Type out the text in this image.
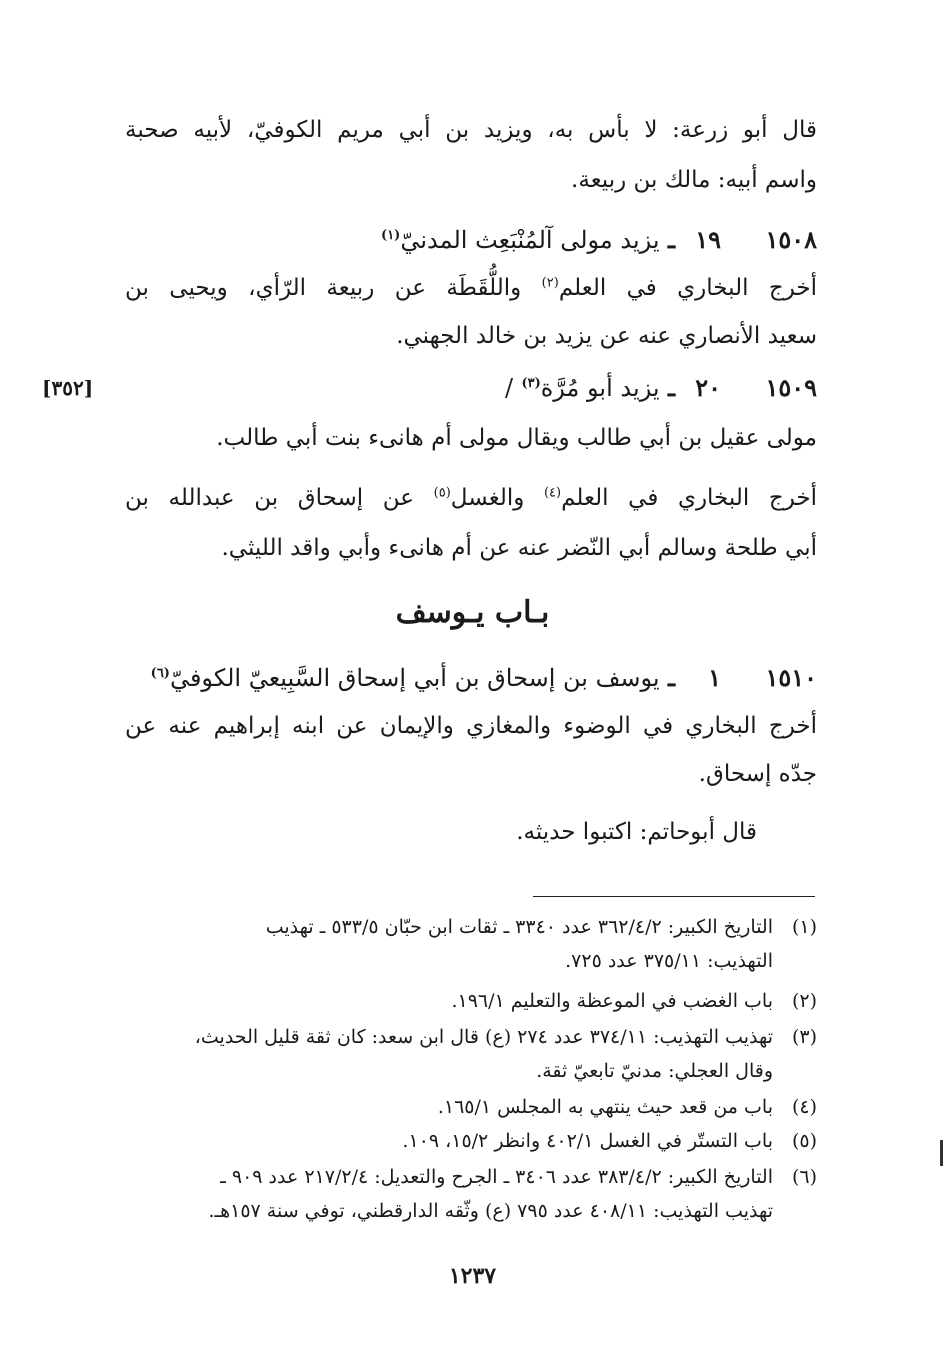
قال أبو زرعة: لا بأس به، ويزيد بن أبي مريم الكوفيّ، لأبيه صحبة
واسم أبيه: مالك بن ربيعة.
١٥٠٨١٩ـ يزيد مولى آلمُنْبَعِث المدنيّ$^{(١)}$
أخرج البخاري في العلم$^{(٢)}$ واللُّقَطَة عن ربيعة الرّأي، ويحيى بن
سعيد الأنصاري عنه عن يزيد بن خالد الجهني.
١٥٠٩٢٠ـ يزيد أبو مُرَّة$^{(٣)}$ /
[٣٥٢]
مولى عقيل بن أبي طالب ويقال مولى أم هانىء بنت أبي طالب.
أخرج البخاري في العلم$^{(٤)}$ والغسل$^{(٥)}$ عن إسحاق بن عبدالله بن
أبي طلحة وسالم أبي النّضر عنه عن أم هانىء وأبي واقد الليثي.
بـاب يـوسف
١٥١٠١ـ يوسف بن إسحاق بن أبي إسحاق السَّبِيعيّ الكوفيّ$^{(٦)}$
أخرج البخاري في الوضوء والمغازي والإيمان عن ابنه إبراهيم عنه عن
جدّه إسحاق.
قال أبوحاتم: اكتبوا حديثه.
(١)التاريخ الكبير: ٣٦٢/٤/٢ عدد ٣٣٤٠ ـ ثقات ابن حبّان ٥٣٣/٥ ـ تهذيب
التهذيب: ٣٧٥/١١ عدد ٧٢٥.
(٢)باب الغضب في الموعظة والتعليم ١٩٦/١.
(٣)تهذيب التهذيب: ٣٧٤/١١ عدد ٢٧٤ (ع) قال ابن سعد: كان ثقة قليل الحديث،
وقال العجلي: مدنيّ تابعيّ ثقة.
(٤)باب من قعد حيث ينتهي به المجلس ١٦٥/١.
(٥)باب التستّر في الغسل ٤٠٢/١ وانظر ١٥/٢، ١٠٩.
(٦)التاريخ الكبير: ٣٨٣/٤/٢ عدد ٣٤٠٦ ـ الجرح والتعديل: ٢١٧/٢/٤ عدد ٩٠٩ ـ
تهذيب التهذيب: ٤٠٨/١١ عدد ٧٩٥ (ع) وثّقه الدارقطني، توفي سنة ١٥٧هـ.
١٢٣٧
